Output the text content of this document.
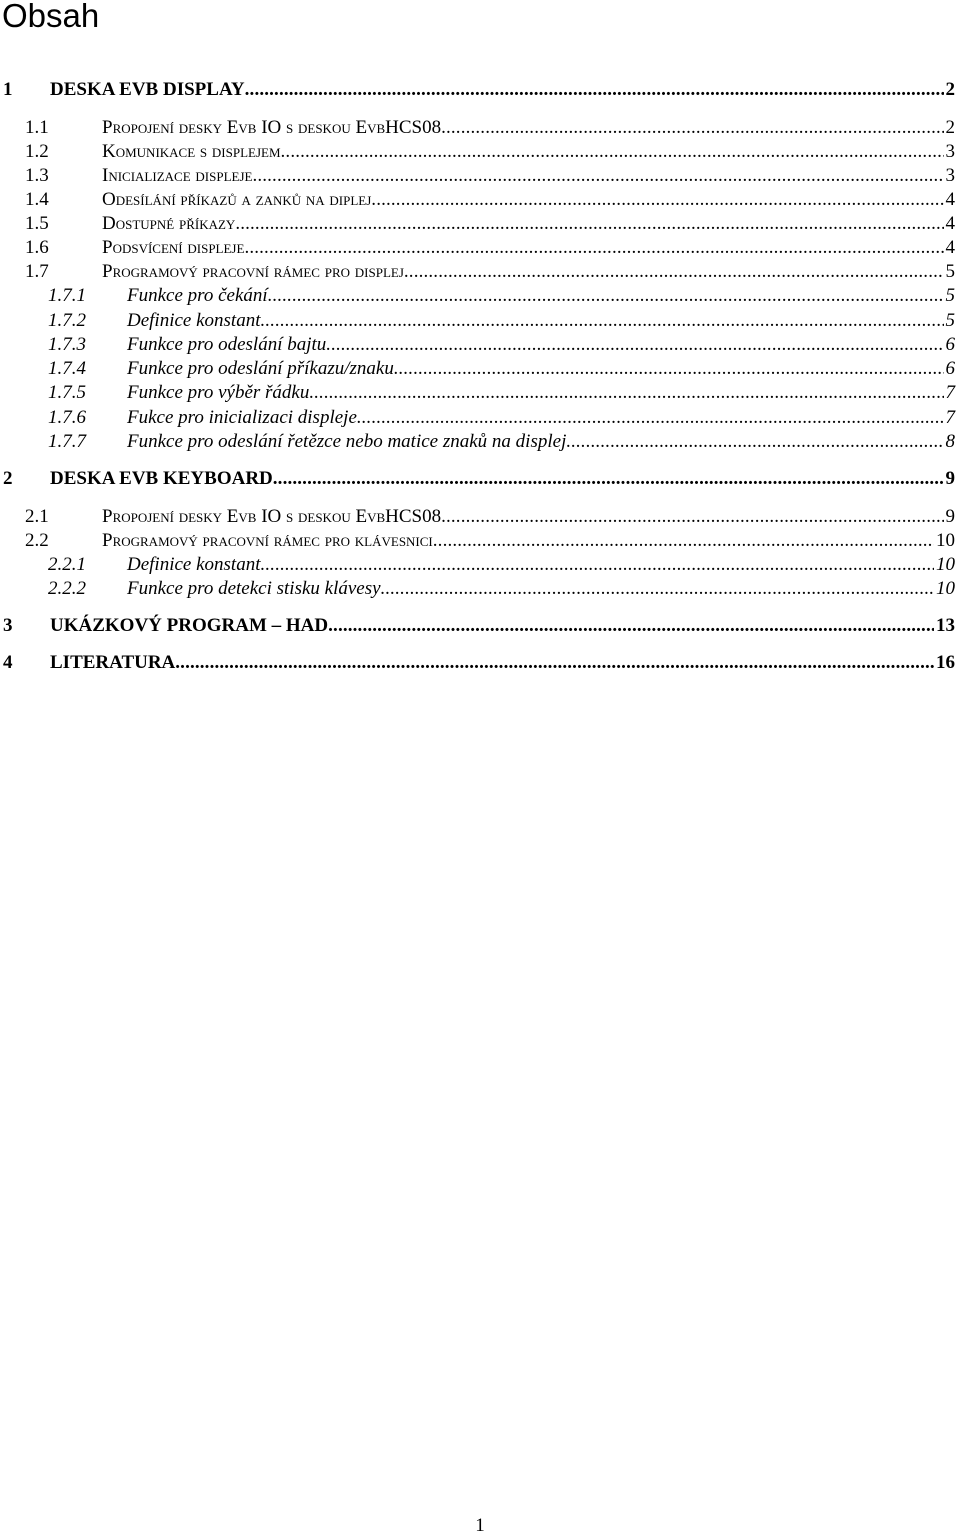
Obsah
1 DESKA EVB DISPLAY . . .	2
1.1	Propojení desky Evb IO s deskou EvbHCS08 . . .	2
1.2	Komunikace s displejem . . .	3
1.3	Inicializace displeje . . .	3
1.4	Odesílání příkazů a zanků na diplej . . .	4
1.5	Dostupné příkazy . . .	4
1.6	Podsvícení displeje . . .	4
1.7	Programový pracovní rámec pro displej . . .	5
1.7.1 Funkce pro čekání . . .	5
1.7.2 Definice konstant . . .	5
1.7.3 Funkce pro odeslání bajtu . . .	6
1.7.4 Funkce pro odeslání příkazu/znaku . . .	6
1.7.5 Funkce pro výběr řádku . . .	7
1.7.6 Fukce pro inicializaci displeje . . .	7
1.7.7 Funkce pro odeslání řetězce nebo matice znaků na displej . . .	8
2 DESKA EVB KEYBOARD . . .	9
2.1	Propojení desky Evb IO s deskou EvbHCS08 . . .	9
2.2	Programový pracovní rámec pro klávesnici . . .	10
2.2.1 Definice konstant . . .	10
2.2.2 Funkce pro detekci stisku klávesy . . .	10
3 UKÁZKOVÝ PROGRAM – HAD . . .	13
4 LITERATURA . . .	16
1
